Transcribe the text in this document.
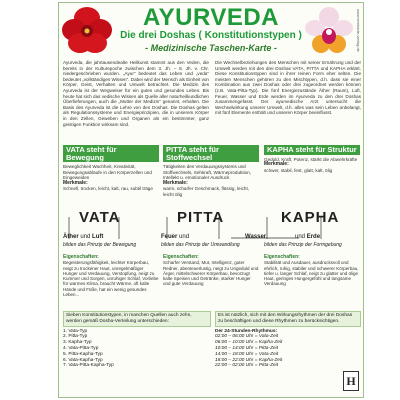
AYURVEDA
Die drei Doshas ( Konstitutionstypen )
- Medizinische Taschen-Karte -	www.lernkarte-verlag.de
Ayurveda, die jahrtausendealte Heilkunst stammt aus den Veden, die bereits in der Kulturepoche zwischen dem 3. Jh. – 8. Jh. v. Chr. niedergeschrieben wurden. „Ayur" bedeutet das Leben und „veda" bedeutet „vollständiges Wissen". Dabei wird der Mensch als Einheit von Körper, Geist, Verhalten und Umwelt betrachtet. Die Medizin des Ayurveda ist der Wegweiser für ein gutes und gesundes Leben. Bis heute hat sich das vedische Wissen als Quelle aller naturheilkundlichen Überlieferungen, auch die „Mutter der Medizin" genannt, erhalten. Die Basis des Ayurveda ist die Lehre von den Doshas. Die Doshas gelten als Regulationssysteme und Energieprinzipien, die in unserem Körper in den Zellen, Geweben und Organen als ein bestimmter, ganz geistigen Funktion wirksam sind.
Die Wechselbeziehungen des Menschen mit seiner Ernährung und der Umwelt werden mit den drei Doshas VATA, PITTA und KAPHA erklärt. Diese Konstitutionstypen sind in ihrer reinen Form eher selten. Die meisten Menschen gehören zu den Mischtypen, d.h. dass sie einer Kombination aus zwei Doshas oder drei zugeordnet werden können (z.B. Vata-Pitta-Typ). Die fünf Energiezustände Äther (Raum), Luft, Feuer, Wasser und Erde werden im Ayurveda zu den drei Doshas zusammengefasst. Der ayurvedische Arzt untersucht die Wechselwirkung unserer Umwelt, d.h. alles was sein Leben anbelangt, mit fünf Elemente enthält und unseren Körper beeinflusst.
VATA steht für Bewegung

Beweglichkeit Wachheit, Kreativität, Bewegungsabläufe in den Körperzellen und Eingeweiden

Merkmale:

Schnell, trocken, leicht, kalt, rau, subtil träge

PITTA steht für Stoffwechsel

Tätigkeiten des Verdauungssystems und Stoffwechsels, Sehkraft, Wärmeproduktion, Intellekt u. emotionaler Ausdruck

Merkmale:

warm, scharfer Geschmack, flüssig, leicht, leicht ölig

KAPHA steht für Struktur

Geduld, Kraft, Potenz, stärkt die Abwehrkräfte

Merkmale:

schwer, stabil, fest, glatt, kalt, ölig

VATA	PITTA	KAPHA
Äther und Luft	Feuer und	Wasser	und Erde
bilden das Prinzip der Bewegung	bilden das Prinzip der Umwandlung	bilden das Prinzip der Formgebung
Eigenschaften:
Begeisterungsfähigkeit, leichter Körperbau, neigt zu trockener Haut, unregelmäßiger Hunger und Verdauung, Verstopfung, neigt zu Kummer und Sorgen, unruhiger Schlaf, Vorliebe für warmes Klima, braucht Wärme, oft kalte Hände und Füße, hat ein wenig gesundes Leben...
Eigenschaften:
Scharfer Verstand, Mut, Intelligenz, guter Redner, abenteuerlustig, neigt zu Ungeduld und Ärger, mittelschwerer Körperbau, bevorzugt kalte Speisen und Getränke, starker Hunger und gute Verdauung
Eigenschaften:
Stabilität und Ausdauer, ausdrucksvoll und ehrlich, ruhig, stabiler und schwerer Körperbau, tiefer u. langer Schlaf, neigt zu glatter und ölige Haut, geringes Hungergefühl und langsame Verdauung
Sieben Konstitutionstypen, in manchen Quellen auch zehn, werden gemäß Dosha-Verteilung unterschieden:
1. Vata-Typ
2. Pitta-Typ
3. Kapha-Typ
4. Vata-Pitta-Typ
5. Pitta-Kapha-Typ
6. Vata-Kapha-Typ
7. Vata-Pitta-Kapha-Typ
Es ist nützlich, sich mit den Wirkungsrhythmen der drei Doshas zu beschäftigen und diese Rhythmen zu berücksichtigen.
Der 24-Stunden-Rhythmus:
02:00 – 06:00 Uhr = Vata-Zeit
06:00 – 10:00 Uhr = Kapha-Zeit
10:00 – 14:00 Uhr = Pitta-Zeit
14:00 – 18:00 Uhr = Vata-Zeit
18:00 – 22:00 Uhr = Kapha-Zeit
22:00 – 02:00 Uhr = Pitta-Zeit
H
